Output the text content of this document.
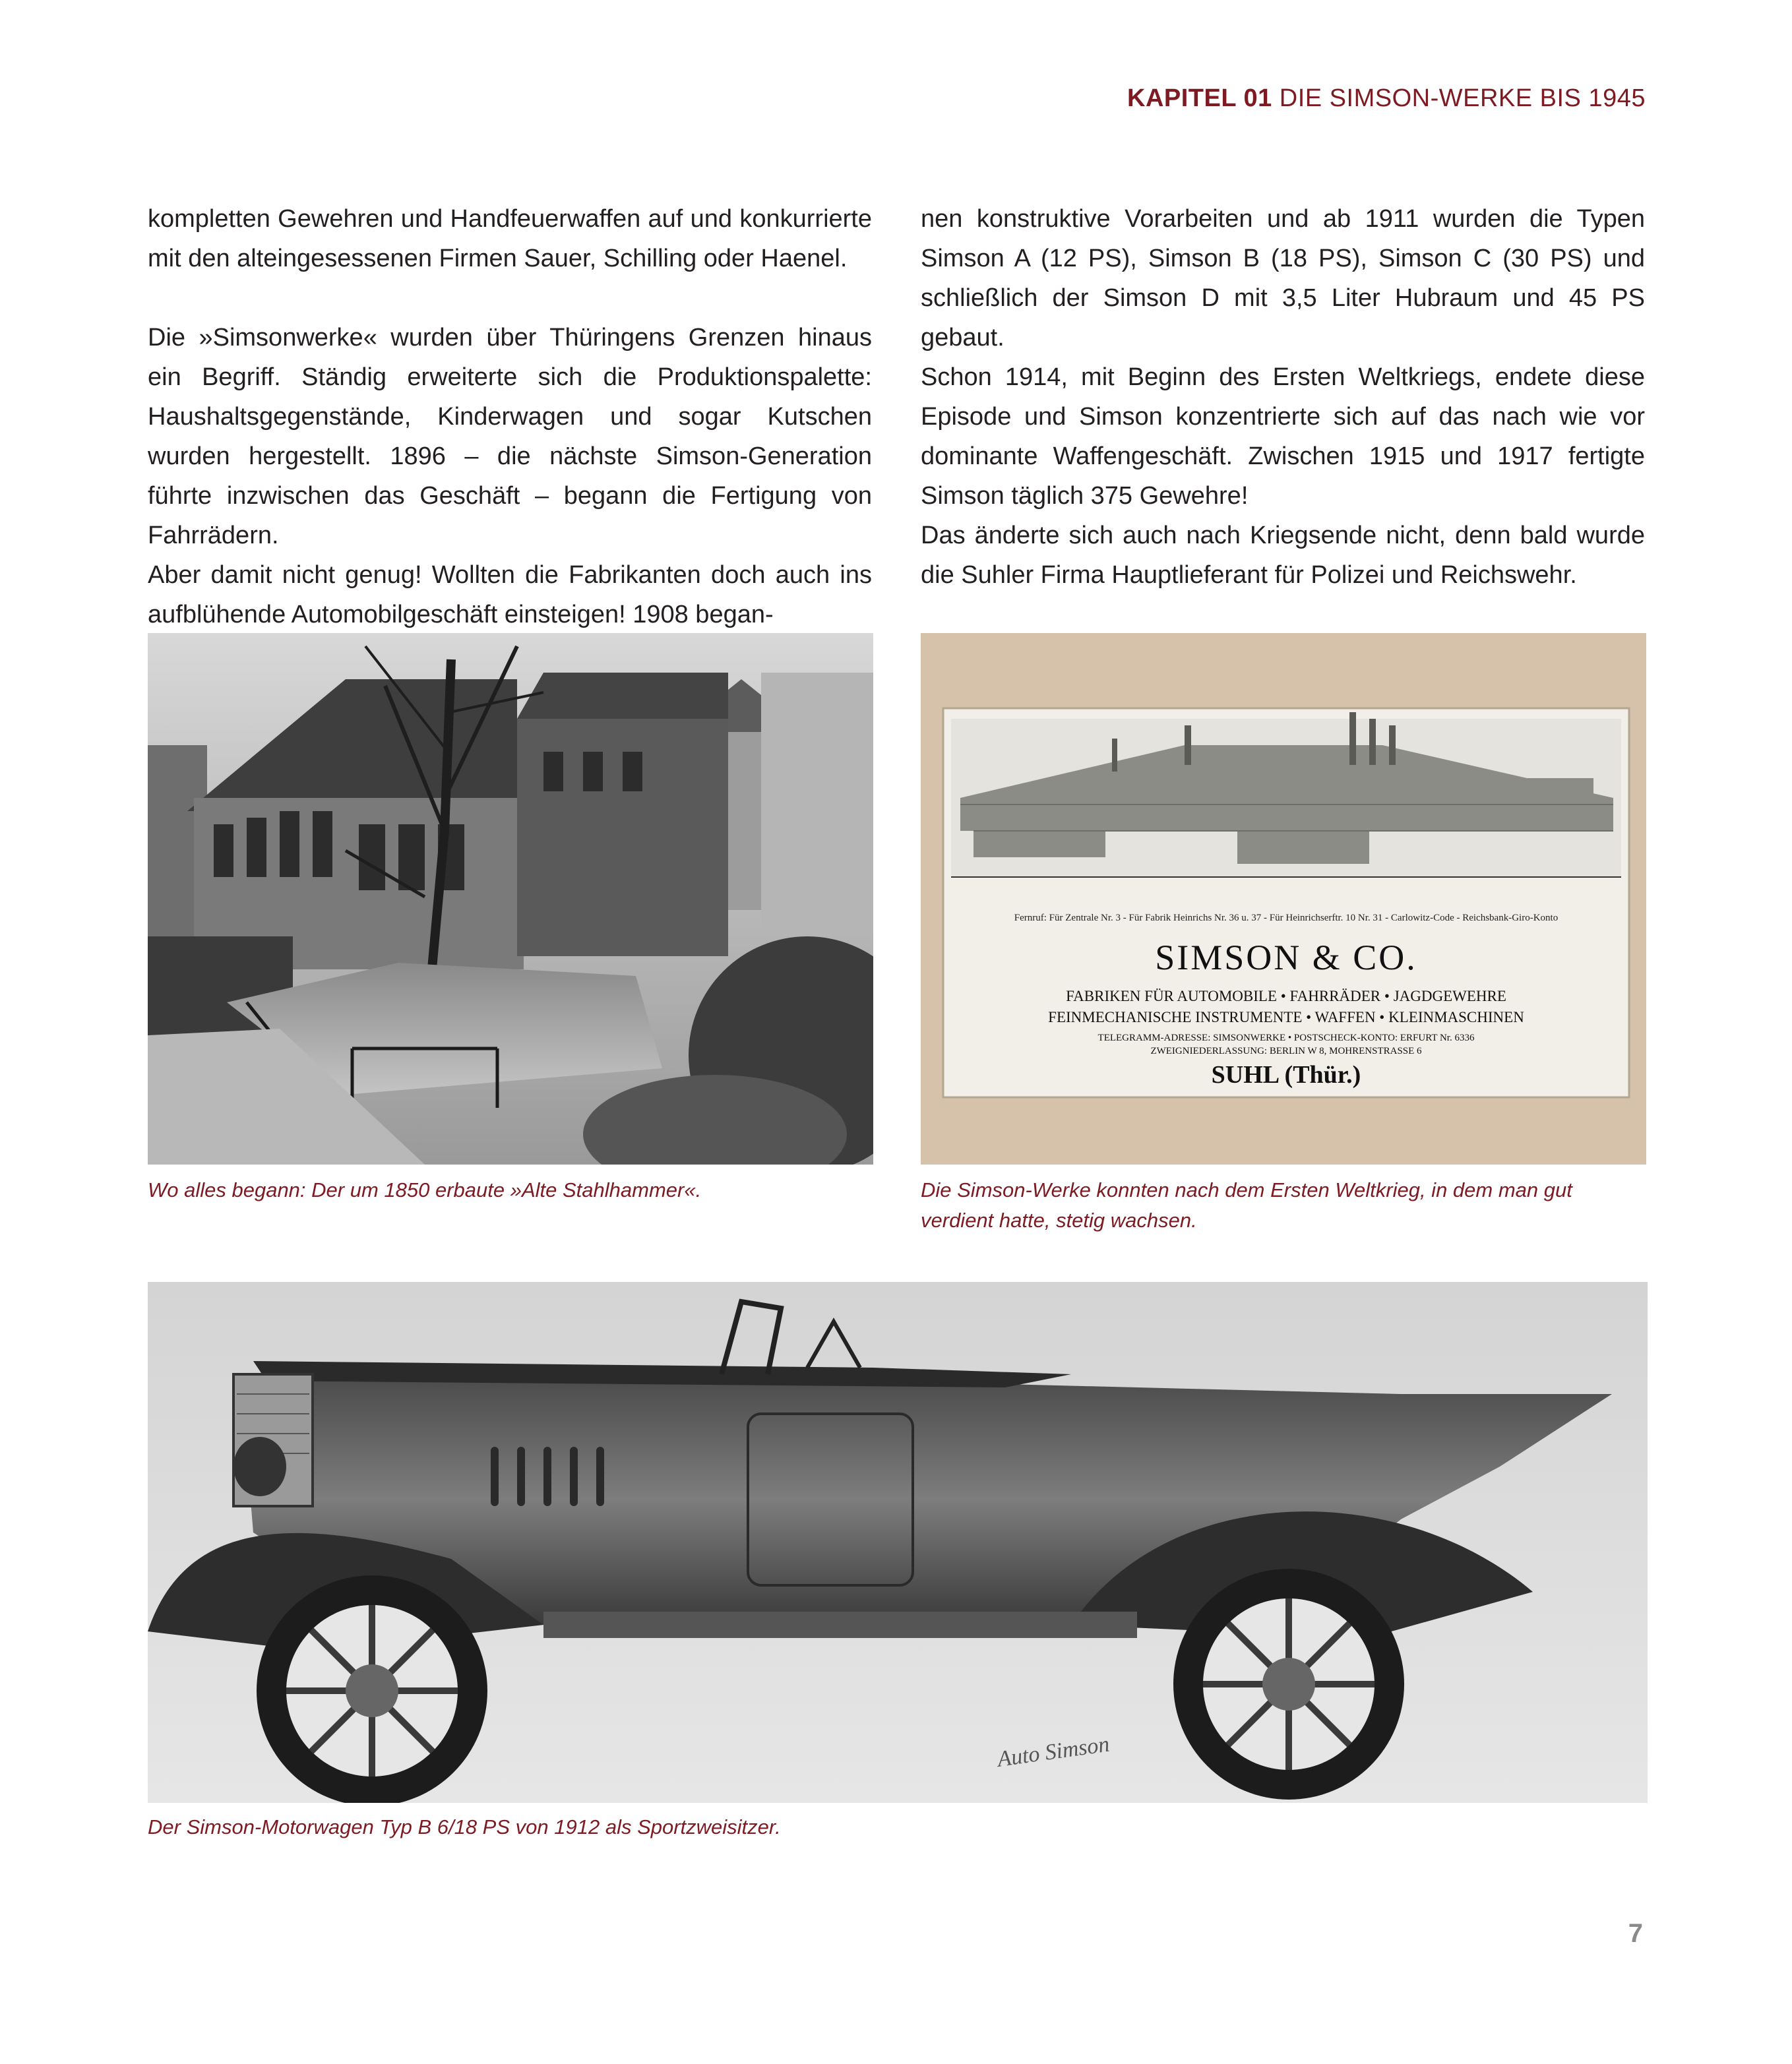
KAPITEL 01 DIE SIMSON-WERKE BIS 1945

kompletten Gewehren und Handfeuerwaffen auf und konkurrierte mit den alteingesessenen Firmen Sauer, Schilling oder Haenel.

Die »Simsonwerke« wurden über Thüringens Grenzen hinaus ein Begriff. Ständig erweiterte sich die Produktionspalette: Haushaltsgegenstände, Kinderwagen und sogar Kutschen wurden hergestellt. 1896 – die nächste Simson-Generation führte inzwischen das Geschäft – begann die Fertigung von Fahrrädern.

Aber damit nicht genug! Wollten die Fabrikanten doch auch ins aufblühende Automobilgeschäft einsteigen! 1908 began-

nen konstruktive Vorarbeiten und ab 1911 wurden die Typen Simson A (12 PS), Simson B (18 PS), Simson C (30 PS) und schließlich der Simson D mit 3,5 Liter Hubraum und 45 PS gebaut.

Schon 1914, mit Beginn des Ersten Weltkriegs, endete diese Episode und Simson konzentrierte sich auf das nach wie vor dominante Waffengeschäft. Zwischen 1915 und 1917 fertigte Simson täglich 375 Gewehre!

Das änderte sich auch nach Kriegsende nicht, denn bald wurde die Suhler Firma Hauptlieferant für Polizei und Reichswehr.

Fernruf: Für Zentrale Nr. 3 - Für Fabrik Heinrichs Nr. 36 u. 37 - Für Heinrichserftr. 10 Nr. 31 - Carlowitz-Code - Reichsbank-Giro-Konto
SIMSON & CO.
FABRIKEN FÜR AUTOMOBILE • FAHRRÄDER • JAGDGEWEHRE
FEINMECHANISCHE INSTRUMENTE • WAFFEN • KLEINMASCHINEN
TELEGRAMM-ADRESSE: SIMSONWERKE • POSTSCHECK-KONTO: ERFURT Nr. 6336
ZWEIGNIEDERLASSUNG: BERLIN W 8, MOHRENSTRASSE 6
SUHL (Thür.)
Wo alles begann: Der um 1850 erbaute »Alte Stahlhammer«.	Die Simson-Werke konnten nach dem Ersten Weltkrieg, in dem man gut verdient hatte, stetig wachsen.
Auto Simson
Der Simson-Motorwagen Typ B 6/18 PS von 1912 als Sportzweisitzer.
7
